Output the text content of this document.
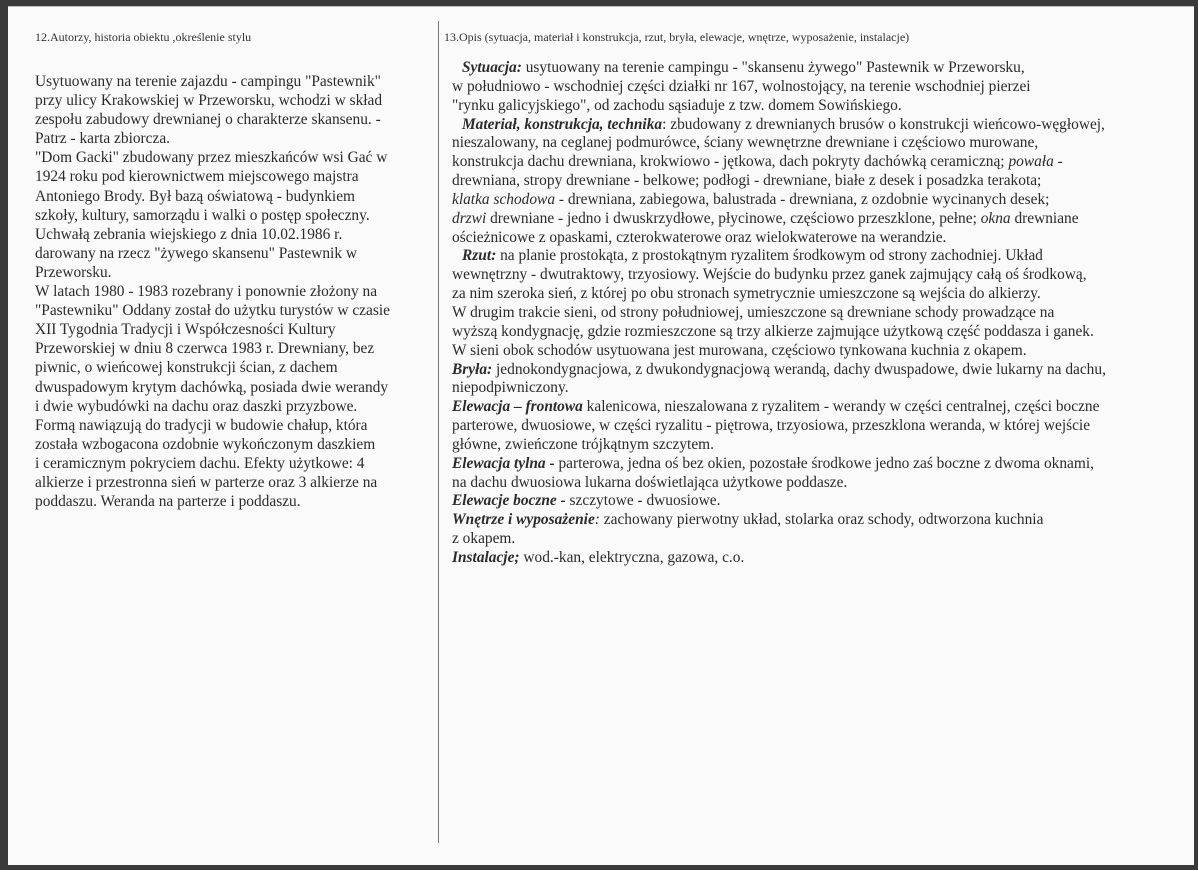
12.Autorzy, historia obiektu ,określenie stylu

Usytuowany na terenie zajazdu - campingu "Pastewnik"

przy ulicy Krakowskiej w Przeworsku, wchodzi w skład

zespołu zabudowy drewnianej o charakterze skansenu. -

Patrz - karta zbiorcza.

"Dom Gacki" zbudowany przez mieszkańców wsi Gać w

1924 roku pod kierownictwem miejscowego majstra

Antoniego Brody. Był bazą oświatową - budynkiem

szkoły, kultury, samorządu i walki o postęp społeczny.

Uchwałą zebrania wiejskiego z dnia 10.02.1986 r.

darowany na rzecz "żywego skansenu" Pastewnik w

Przeworsku.

W latach 1980 - 1983 rozebrany i ponownie złożony na

"Pastewniku" Oddany został do użytku turystów w czasie

XII Tygodnia Tradycji i Współczesności Kultury

Przeworskiej w dniu 8 czerwca 1983 r. Drewniany, bez

piwnic, o wieńcowej konstrukcji ścian, z dachem

dwuspadowym krytym dachówką, posiada dwie werandy

i dwie wybudówki na dachu oraz daszki przyzbowe.

Formą nawiązują do tradycji w budowie chałup, która

została wzbogacona ozdobnie wykończonym daszkiem

i ceramicznym pokryciem dachu. Efekty użytkowe: 4

alkierze i przestronna sień w parterze oraz 3 alkierze na

poddaszu. Weranda na parterze i poddaszu.

13.Opis (sytuacja, materiał i konstrukcja, rzut, bryła, elewacje, wnętrze, wyposażenie, instalacje)

Sytuacja: usytuowany na terenie campingu - "skansenu żywego" Pastewnik w Przeworsku,

w południowo - wschodniej części działki nr 167, wolnostojący, na terenie wschodniej pierzei

"rynku galicyjskiego", od zachodu sąsiaduje z tzw. domem Sowińskiego.

Materiał, konstrukcja, technika: zbudowany z drewnianych brusów o konstrukcji wieńcowo-węgłowej,

nieszalowany, na ceglanej podmurówce, ściany wewnętrzne drewniane i częściowo murowane,

konstrukcja dachu drewniana, krokwiowo - jętkowa, dach pokryty dachówką ceramiczną; powała -

drewniana, stropy drewniane - belkowe; podłogi - drewniane, białe z desek i posadzka terakota;

klatka schodowa - drewniana, zabiegowa, balustrada - drewniana, z ozdobnie wycinanych desek;

drzwi drewniane - jedno i dwuskrzydłowe, płycinowe, częściowo przeszklone, pełne; okna drewniane

ościeżnicowe z opaskami, czterokwaterowe oraz wielokwaterowe na werandzie.

Rzut: na planie prostokąta, z prostokątnym ryzalitem środkowym od strony zachodniej. Układ

wewnętrzny - dwutraktowy, trzyosiowy. Wejście do budynku przez ganek zajmujący całą oś środkową,

za nim szeroka sień, z której po obu stronach symetrycznie umieszczone są wejścia do alkierzy.

W drugim trakcie sieni, od strony południowej, umieszczone są drewniane schody prowadzące na

wyższą kondygnację, gdzie rozmieszczone są trzy alkierze zajmujące użytkową część poddasza i ganek.

W sieni obok schodów usytuowana jest murowana, częściowo tynkowana kuchnia z okapem.

Bryła: jednokondygnacjowa, z dwukondygnacjową werandą, dachy dwuspadowe, dwie lukarny na dachu,

niepodpiwniczony.

Elewacja – frontowa kalenicowa, nieszalowana z ryzalitem - werandy w części centralnej, części boczne

parterowe, dwuosiowe, w części ryzalitu - piętrowa, trzyosiowa, przeszklona weranda, w której wejście

główne, zwieńczone trójkątnym szczytem.

Elewacja tylna - parterowa, jedna oś bez okien, pozostałe środkowe jedno zaś boczne z dwoma oknami,

na dachu dwuosiowa lukarna doświetlająca użytkowe poddasze.

Elewacje boczne - szczytowe - dwuosiowe.

Wnętrze i wyposażenie: zachowany pierwotny układ, stolarka oraz schody, odtworzona kuchnia

z okapem.

Instalacje; wod.-kan, elektryczna, gazowa, c.o.
